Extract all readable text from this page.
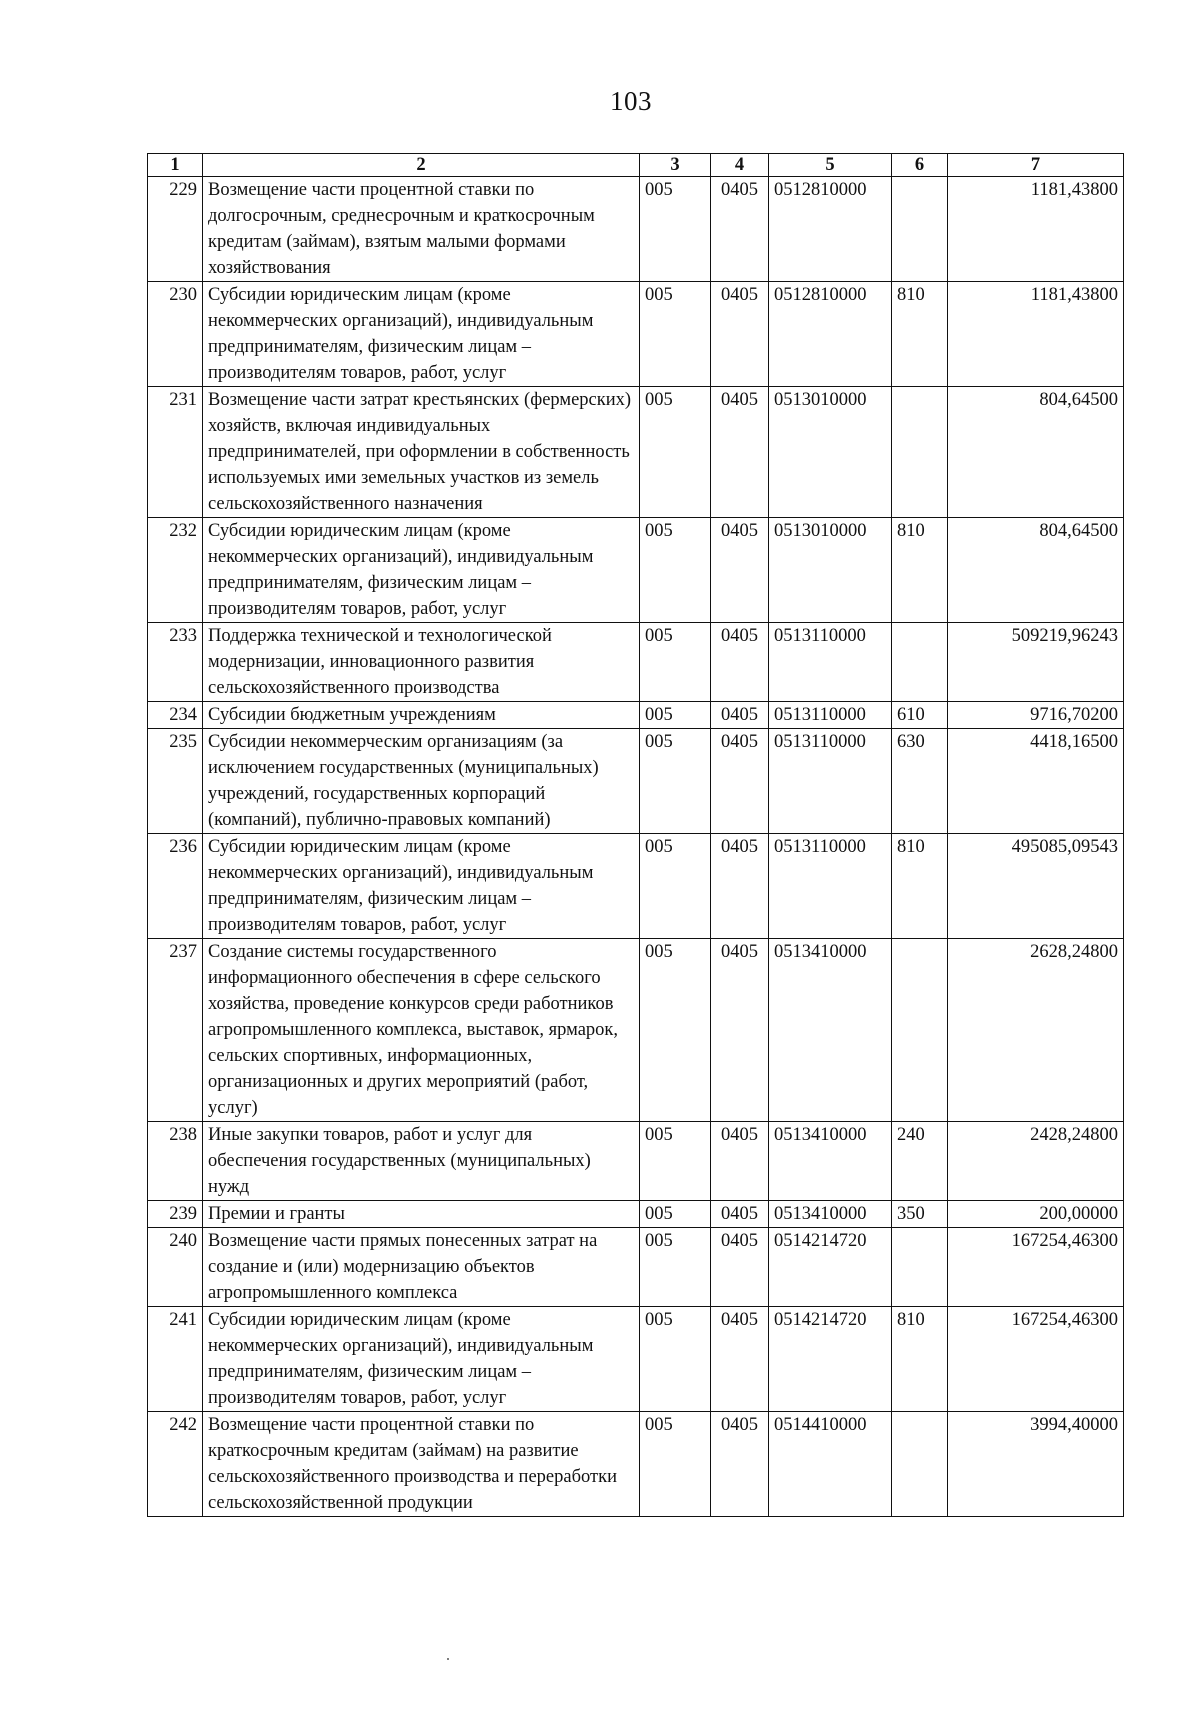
103
1	2	3	4	5	6	7
229	Возмещение части процентной ставки по долгосрочным, среднесрочным и краткосрочным кредитам (займам), взятым малыми формами хозяйствования	005	0405	0512810000		1181,43800
230	Субсидии юридическим лицам (кроме некоммерческих организаций), индивидуальным предпринимателям, физическим лицам – производителям товаров, работ, услуг	005	0405	0512810000	810	1181,43800
231	Возмещение части затрат крестьянских (фермерских) хозяйств, включая индивидуальных предпринимателей, при оформлении в собственность используемых ими земельных участков из земель сельскохозяйственного назначения	005	0405	0513010000		804,64500
232	Субсидии юридическим лицам (кроме некоммерческих организаций), индивидуальным предпринимателям, физическим лицам – производителям товаров, работ, услуг	005	0405	0513010000	810	804,64500
233	Поддержка технической и технологической модернизации, инновационного развития сельскохозяйственного производства	005	0405	0513110000		509219,96243
234	Субсидии бюджетным учреждениям	005	0405	0513110000	610	9716,70200
235	Субсидии некоммерческим организациям (за исключением государственных (муниципальных) учреждений, государственных корпораций (компаний), публично-правовых компаний)	005	0405	0513110000	630	4418,16500
236	Субсидии юридическим лицам (кроме некоммерческих организаций), индивидуальным предпринимателям, физическим лицам – производителям товаров, работ, услуг	005	0405	0513110000	810	495085,09543
237	Создание системы государственного информационного обеспечения в сфере сельского хозяйства, проведение конкурсов среди работников агропромышленного комплекса, выставок, ярмарок, сельских спортивных, информационных, организационных и других мероприятий (работ, услуг)	005	0405	0513410000		2628,24800
238	Иные закупки товаров, работ и услуг для обеспечения государственных (муниципальных) нужд	005	0405	0513410000	240	2428,24800
239	Премии и гранты	005	0405	0513410000	350	200,00000
240	Возмещение части прямых понесенных затрат на создание и (или) модернизацию объектов агропромышленного комплекса	005	0405	0514214720		167254,46300
241	Субсидии юридическим лицам (кроме некоммерческих организаций), индивидуальным предпринимателям, физическим лицам – производителям товаров, работ, услуг	005	0405	0514214720	810	167254,46300
242	Возмещение части процентной ставки по краткосрочным кредитам (займам) на развитие сельскохозяйственного производства и переработки сельскохозяйственной продукции	005	0405	0514410000		3994,40000
